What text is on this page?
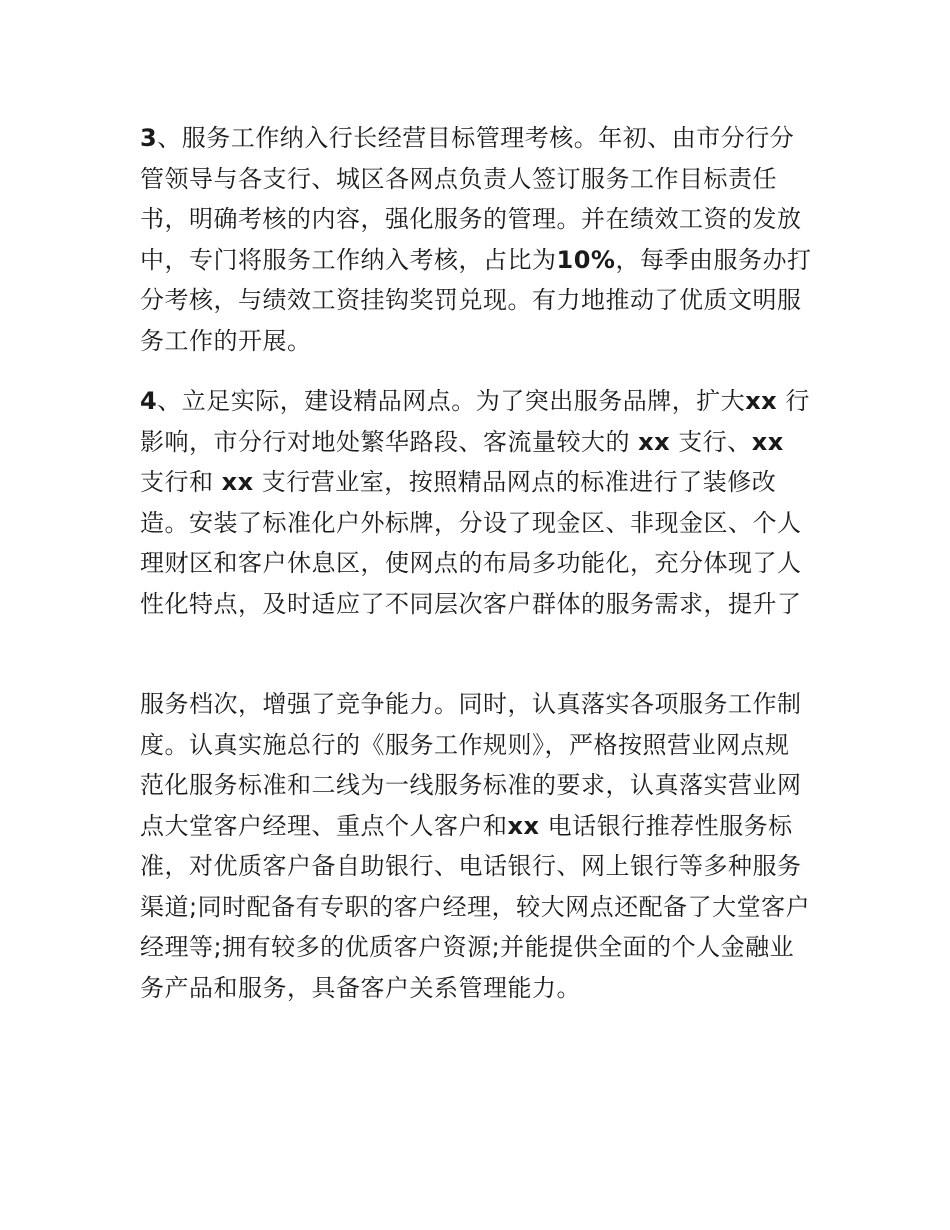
3、服务工作纳入行长经营目标管理考核。年初、由市分行分管领导与各支行、城区各网点负责人签订服务工作目标责任书，明确考核的内容，强化服务的管理。并在绩效工资的发放中，专门将服务工作纳入考核，占比为10%，每季由服务办打分考核，与绩效工资挂钩奖罚兑现。有力地推动了优质文明服务工作的开展。

4、立足实际，建设精品网点。为了突出服务品牌，扩大xx 行影响，市分行对地处繁华路段、客流量较大的 xx 支行、xx 支行和 xx 支行营业室，按照精品网点的标准进行了装修改造。安装了标准化户外标牌，分设了现金区、非现金区、个人理财区和客户休息区，使网点的布局多功能化，充分体现了人性化特点，及时适应了不同层次客户群体的服务需求，提升了

服务档次，增强了竞争能力。同时，认真落实各项服务工作制度。认真实施总行的《服务工作规则》，严格按照营业网点规范化服务标准和二线为一线服务标准的要求，认真落实营业网点大堂客户经理、重点个人客户和xx 电话银行推荐性服务标准，对优质客户备自助银行、电话银行、网上银行等多种服务渠道;同时配备有专职的客户经理，较大网点还配备了大堂客户经理等;拥有较多的优质客户资源;并能提供全面的个人金融业务产品和服务，具备客户关系管理能力。
